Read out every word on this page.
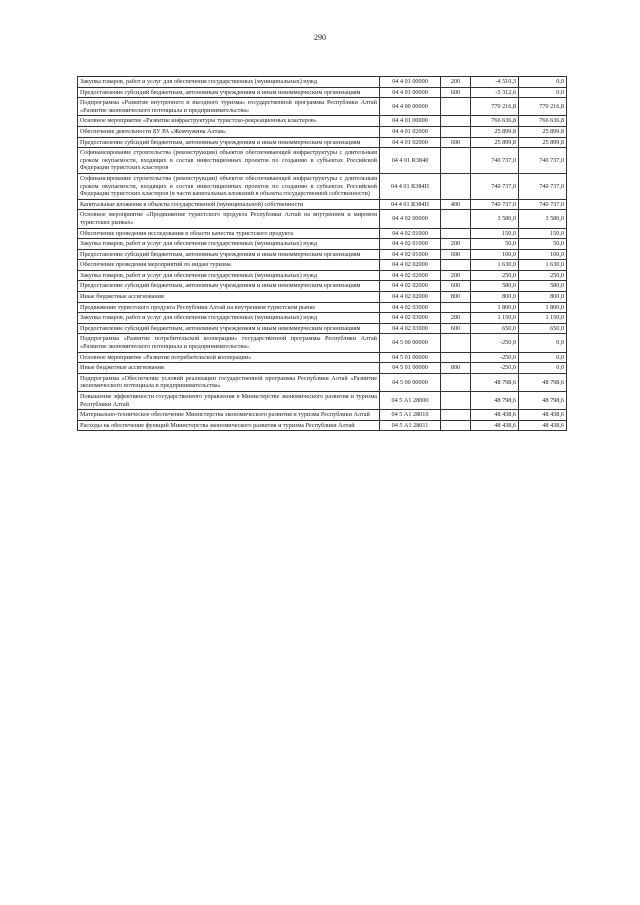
290
Закупка товаров, работ и услуг для обеспечения государственных (муниципальных) нужд	04 4 01 00000	200	-4 510,3	0,0
Предоставление субсидий бюджетным, автономным учреждениям и иным некоммерческим организациям	04 4 01 00000	600	-5 312,6	0,0
Подпрограмма «Развитие внутреннего и въездного туризма» государственной программы Республики Алтай «Развитие экономического потенциала и предпринимательства»	04 4 00 00000		770 216,8	770 216,8
Основное мероприятие «Развитие инфраструктуры туристско-рекреационных кластеров»	04 4 01 00000		766 636,8	766 636,8
Обеспечение деятельности БУ РА «Жемчужина Алтая»	04 4 01 02000		25 899,8	25 899,8
Предоставление субсидий бюджетным, автономным учреждениям и иным некоммерческим организациям	04 4 01 02000	600	25 899,8	25 899,8
Софинансирование строительства (реконструкции) объектов обеспечивающей инфраструктуры с длительным сроком окупаемости, входящих в состав инвестиционных проектов по созданию в субъектах Российской Федерации туристских кластеров	04 4 01 R3840		740 737,0	740 737,0
Софинансирование строительства (реконструкции) объектов обеспечивающей инфраструктуры с длительным сроком окупаемости, входящих в состав инвестиционных проектов по созданию в субъектах Российской Федерации туристских кластеров (в части капитальных вложений в объекты государственной собственности)	04 4 01 R384П		740 737,0	740 737,0
Капитальные вложения в объекты государственной (муниципальной) собственности	04 4 01 R384П	400	740 737,0	740 737,0
Основное мероприятие «Продвижение туристского продукта Республики Алтай на внутреннем и мировом туристских рынках»	04 4 02 00000		3 580,0	3 580,0
Обеспечение проведения исследования в области качества туристского продукта	04 4 02 01000		150,0	150,0
Закупка товаров, работ и услуг для обеспечения государственных (муниципальных) нужд	04 4 02 01000	200	50,0	50,0
Предоставление субсидий бюджетным, автономным учреждениям и иным некоммерческим организациям	04 4 02 01000	600	100,0	100,0
Обеспечение проведения мероприятий по видам туризма	04 4 02 02000		1 630,0	1 630,0
Закупка товаров, работ и услуг для обеспечения государственных (муниципальных) нужд	04 4 02 02000	200	250,0	250,0
Предоставление субсидий бюджетным, автономным учреждениям и иным некоммерческим организациям	04 4 02 02000	600	580,0	580,0
Иные бюджетные ассигнования	04 4 02 02000	800	800,0	800,0
Продвижение туристского продукта Республики Алтай на внутреннем туристском рынке	04 4 02 03000		1 800,0	1 800,0
Закупка товаров, работ и услуг для обеспечения государственных (муниципальных) нужд	04 4 02 03000	200	1 150,0	1 150,0
Предоставление субсидий бюджетным, автономным учреждениям и иным некоммерческим организациям	04 4 02 03000	600	650,0	650,0
Подпрограмма «Развитие потребительской кооперации» государственной программы Республики Алтай «Развитие экономического потенциала и предпринимательства»	04 5 00 00000		-250,0	0,0
Основное мероприятие «Развитие потребительской кооперации»	04 5 01 00000		-250,0	0,0
Иные бюджетные ассигнования	04 5 01 00000	800	-250,0	0,0
Подпрограмма «Обеспечение условий реализации государственной программы Республики Алтай «Развитие экономического потенциала и предпринимательства»	04 5 00 00000		48 798,6	48 798,6
Повышение эффективности государственного управления в Министерстве экономического развития и туризма Республики Алтай	04 5 А1 28000		48 798,6	48 798,6
Материально-техническое обеспечение Министерства экономического развития и туризма Республики Алтай	04 5 А1 28010		48 438,6	48 438,6
Расходы на обеспечение функций Министерства экономического развития и туризма Республики Алтай	04 5 А1 28011		48 438,6	48 438,6
